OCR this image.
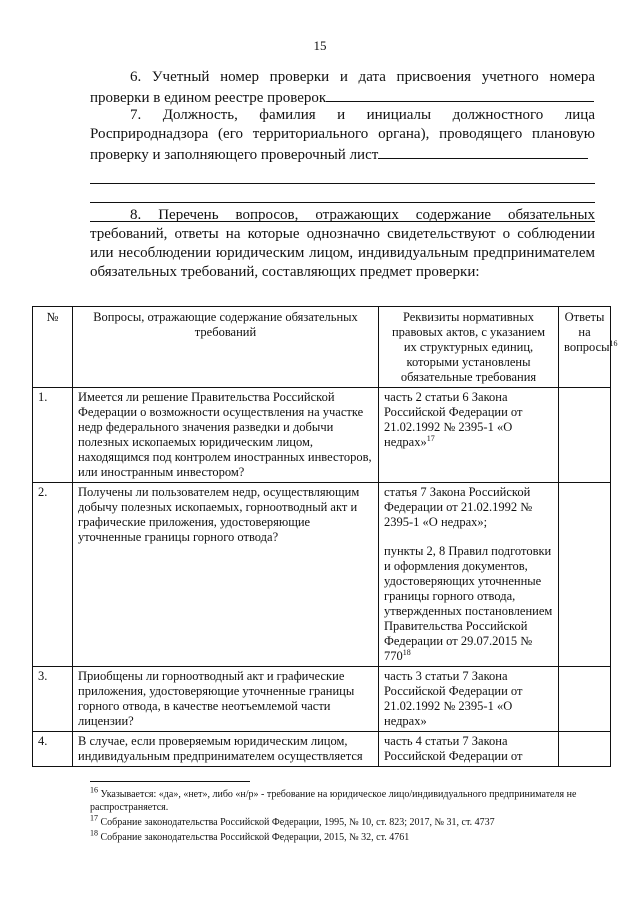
15

6. Учетный номер проверки и дата присвоения учетного номера проверки в едином реестре проверок

7. Должность, фамилия и инициалы должностного лица Росприроднадзора (его территориального органа), проводящего плановую проверку и заполняющего проверочный лист

8. Перечень вопросов, отражающих содержание обязательных требований, ответы на которые однозначно свидетельствуют о соблюдении или несоблюдении юридическим лицом, индивидуальным предпринимателем обязательных требований, составляющих предмет проверки:

№	Вопросы, отражающие содержание обязательных требований	Реквизиты нормативных правовых актов, с указанием их структурных единиц, которыми установлены обязательные требования	Ответы на вопросы$^{16}$
1.	Имеется ли решение Правительства Российской Федерации о возможности осуществления на участке недр федерального значения разведки и добычи полезных ископаемых юридическим лицом, находящимся под контролем иностранных инвесторов, или иностранным инвестором?	часть 2 статьи 6 Закона Российской Федерации от 21.02.1992 № 2395-1 «О недрах»$^{17}$	
2.	Получены ли пользователем недр, осуществляющим добычу полезных ископаемых, горноотводный акт и графические приложения, удостоверяющие уточненные границы горного отвода?	статья 7 Закона Российской Федерации от 21.02.1992 № 2395-1 «О недрах»;
пункты 2, 8 Правил подготовки и оформления документов, удостоверяющих уточненные границы горного отвода, утвержденных постановлением Правительства Российской Федерации от 29.07.2015 № $770^{18}$

3.	Приобщены ли горноотводный акт и графические приложения, удостоверяющие уточненные границы горного отвода, в качестве неотъемлемой части лицензии?	часть 3 статьи 7 Закона Российской Федерации от 21.02.1992 № 2395-1 «О недрах»	
4.	В случае, если проверяемым юридическим лицом, индивидуальным предпринимателем осуществляется	часть 4 статьи 7 Закона Российской Федерации от	

$^{16}$ Указывается: «да», «нет», либо «н/р» - требование на юридическое лицо/индивидуального предпринимателя не распространяется.

$^{17}$ Собрание законодательства Российской Федерации, 1995, № 10, ст. 823; 2017, № 31, ст. 4737

$^{18}$ Собрание законодательства Российской Федерации, 2015, № 32, ст. 4761
